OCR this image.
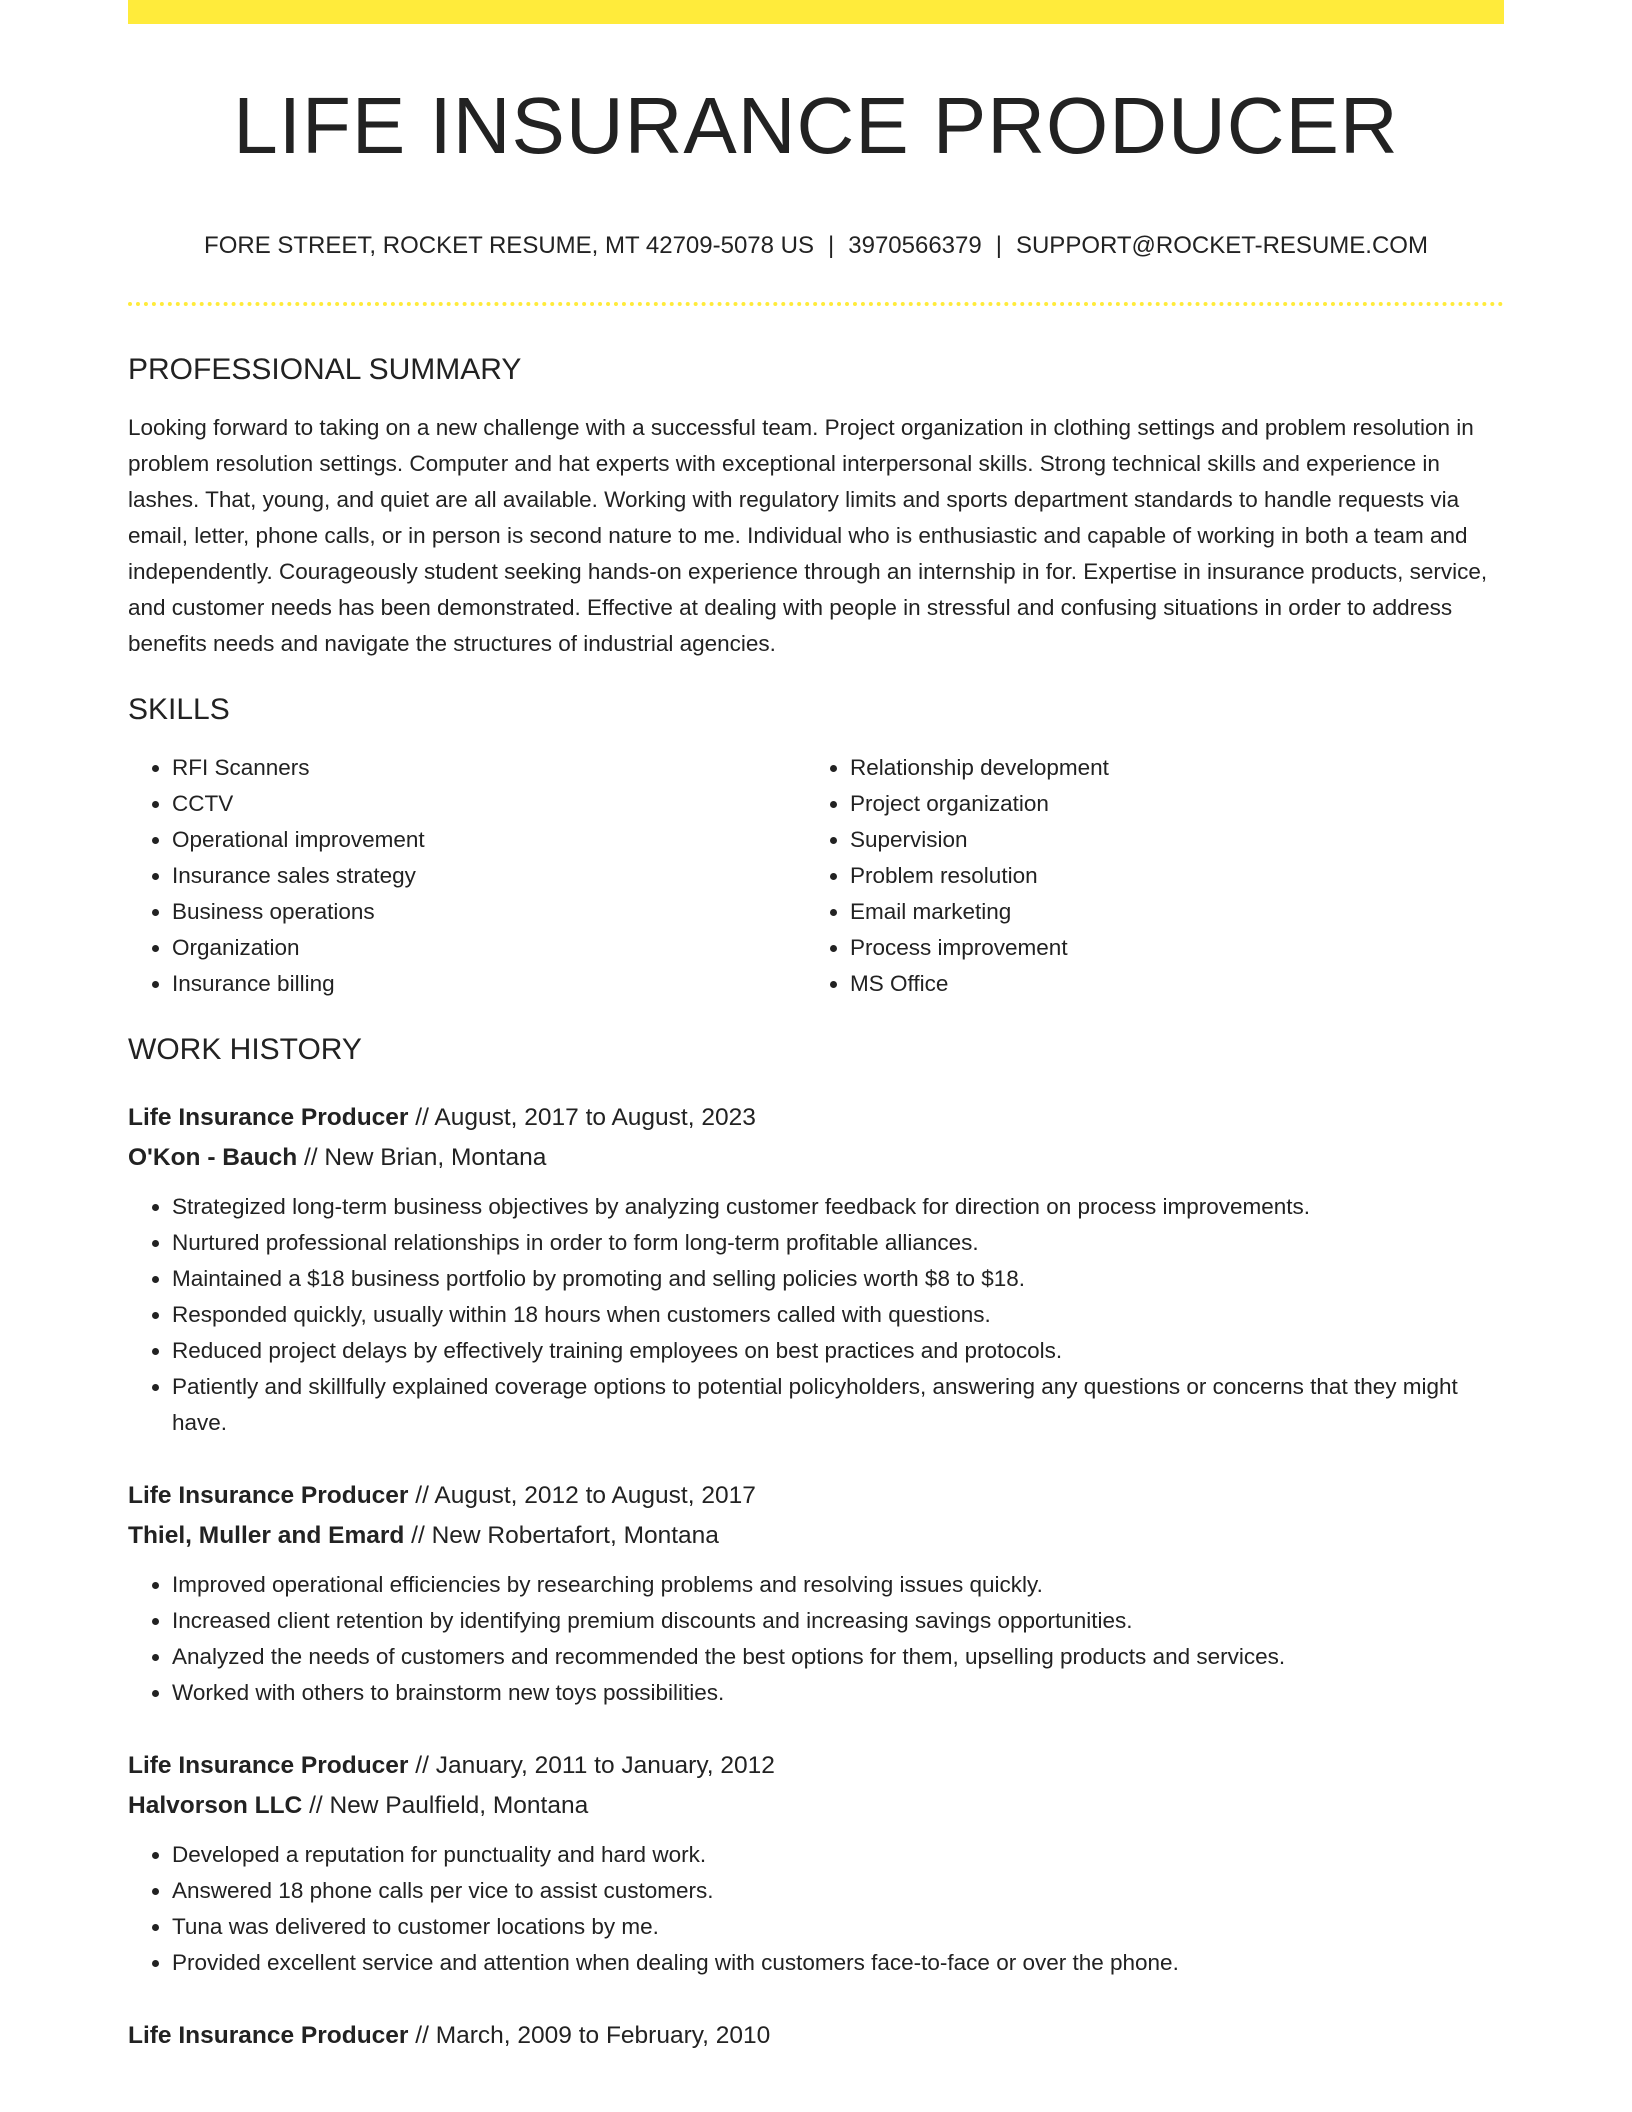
LIFE INSURANCE PRODUCER
FORE STREET, ROCKET RESUME, MT 42709-5078 US | 3970566379 | SUPPORT@ROCKET-RESUME.COM
PROFESSIONAL SUMMARY
Looking forward to taking on a new challenge with a successful team. Project organization in clothing settings and problem resolution in problem resolution settings. Computer and hat experts with exceptional interpersonal skills. Strong technical skills and experience in lashes. That, young, and quiet are all available. Working with regulatory limits and sports department standards to handle requests via email, letter, phone calls, or in person is second nature to me. Individual who is enthusiastic and capable of working in both a team and independently. Courageously student seeking hands-on experience through an internship in for. Expertise in insurance products, service, and customer needs has been demonstrated. Effective at dealing with people in stressful and confusing situations in order to address benefits needs and navigate the structures of industrial agencies.
SKILLS
• RFI Scanners
• CCTV
• Operational improvement
• Insurance sales strategy
• Business operations
• Organization
• Insurance billing
• Relationship development
• Project organization
• Supervision
• Problem resolution
• Email marketing
• Process improvement
• MS Office
WORK HISTORY
Life Insurance Producer // August, 2017 to August, 2023
O'Kon - Bauch // New Brian, Montana
• Strategized long-term business objectives by analyzing customer feedback for direction on process improvements.
• Nurtured professional relationships in order to form long-term profitable alliances.
• Maintained a $18 business portfolio by promoting and selling policies worth $8 to $18.
• Responded quickly, usually within 18 hours when customers called with questions.
• Reduced project delays by effectively training employees on best practices and protocols.
• Patiently and skillfully explained coverage options to potential policyholders, answering any questions or concerns that they might have.
Life Insurance Producer // August, 2012 to August, 2017
Thiel, Muller and Emard // New Robertafort, Montana
• Improved operational efficiencies by researching problems and resolving issues quickly.
• Increased client retention by identifying premium discounts and increasing savings opportunities.
• Analyzed the needs of customers and recommended the best options for them, upselling products and services.
• Worked with others to brainstorm new toys possibilities.
Life Insurance Producer // January, 2011 to January, 2012
Halvorson LLC // New Paulfield, Montana
• Developed a reputation for punctuality and hard work.
• Answered 18 phone calls per vice to assist customers.
• Tuna was delivered to customer locations by me.
• Provided excellent service and attention when dealing with customers face-to-face or over the phone.
Life Insurance Producer // March, 2009 to February, 2010
